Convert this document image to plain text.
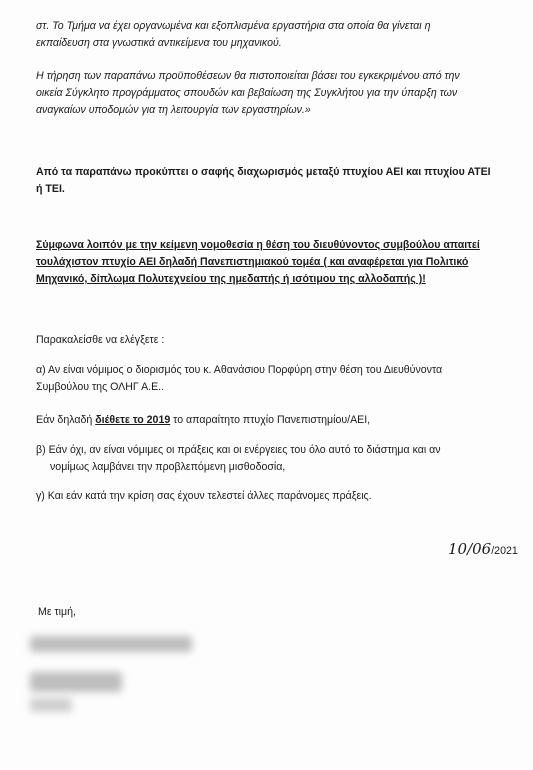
στ. Το Τμήμα να έχει οργανωμένα και εξοπλισμένα εργαστήρια στα οποία θα γίνεται η
εκπαίδευση στα γνωστικά αντικείμενα του μηχανικού.
Η τήρηση των παραπάνω προϋποθέσεων θα πιστοποιείται βάσει του εγκεκριμένου από την
οικεία Σύγκλητο προγράμματος σπουδών και βεβαίωση της Συγκλήτου για την ύπαρξη των
αναγκαίων υποδομών για τη λειτουργία των εργαστηρίων.»
Από τα παραπάνω προκύπτει ο σαφής διαχωρισμός μεταξύ πτυχίου ΑΕΙ και πτυχίου ΑΤΕΙ
ή ΤΕΙ.
Σύμφωνα λοιπόν με την κείμενη νομοθεσία η θέση του διευθύνοντος συμβούλου απαιτεί
τουλάχιστον πτυχίο ΑΕΙ δηλαδή Πανεπιστημιακού τομέα ( και αναφέρεται για Πολιτικό
Μηχανικό, δίπλωμα Πολυτεχνείου της ημεδαπής ή ισότιμου της αλλοδαπής )!
Παρακαλείσθε να ελέγξετε :
α) Αν είναι νόμιμος ο διορισμός του κ. Αθανάσιου Πορφύρη στην θέση του Διευθύνοντα
Συμβούλου της ΟΛΗΓ Α.Ε..
Εάν δηλαδή διέθετε το 2019 το απαραίτητο πτυχίο Πανεπιστημίου/ΑΕΙ,
β) Εάν όχι, αν είναι νόμιμες οι πράξεις και οι ενέργειες του όλο αυτό το διάστημα και αν
νομίμως λαμβάνει την προβλεπόμενη μισθοδοσία,
γ) Και εάν κατά την κρίση σας έχουν τελεστεί άλλες παράνομες πράξεις.
10/06/2021
Με τιμή,
